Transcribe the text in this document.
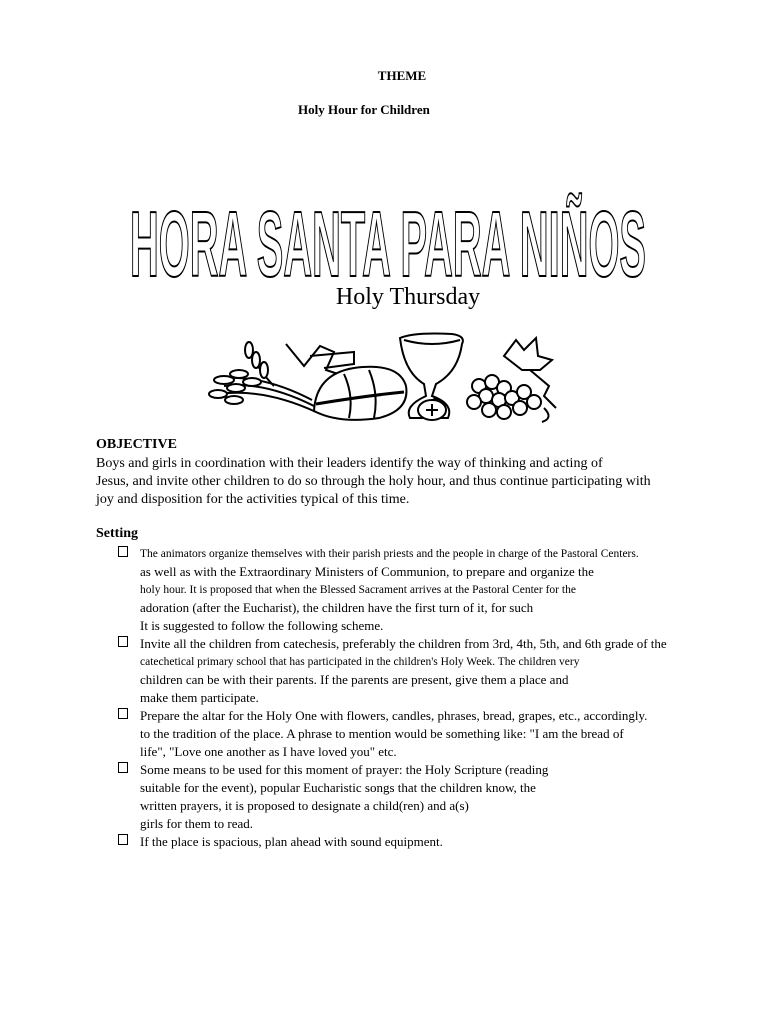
THEME
Holy Hour for Children
HORA SANTA PARA NIÑOS
Holy Thursday
OBJECTIVE
Boys and girls in coordination with their leaders identify the way of thinking and acting of
Jesus, and invite other children to do so through the holy hour, and thus continue participating with
joy and disposition for the activities typical of this time.
Setting
The animators organize themselves with their parish priests and the people in charge of the Pastoral Centers.
as well as with the Extraordinary Ministers of Communion, to prepare and organize the
holy hour. It is proposed that when the Blessed Sacrament arrives at the Pastoral Center for the
adoration (after the Eucharist), the children have the first turn of it, for such
It is suggested to follow the following scheme.
Invite all the children from catechesis, preferably the children from 3rd, 4th, 5th, and 6th grade of the
catechetical primary school that has participated in the children's Holy Week. The children very
children can be with their parents. If the parents are present, give them a place and
make them participate.
Prepare the altar for the Holy One with flowers, candles, phrases, bread, grapes, etc., accordingly.
to the tradition of the place. A phrase to mention would be something like: "I am the bread of
life", "Love one another as I have loved you" etc.
Some means to be used for this moment of prayer: the Holy Scripture (reading
suitable for the event), popular Eucharistic songs that the children know, the
written prayers, it is proposed to designate a child(ren) and a(s)
girls for them to read.
If the place is spacious, plan ahead with sound equipment.
